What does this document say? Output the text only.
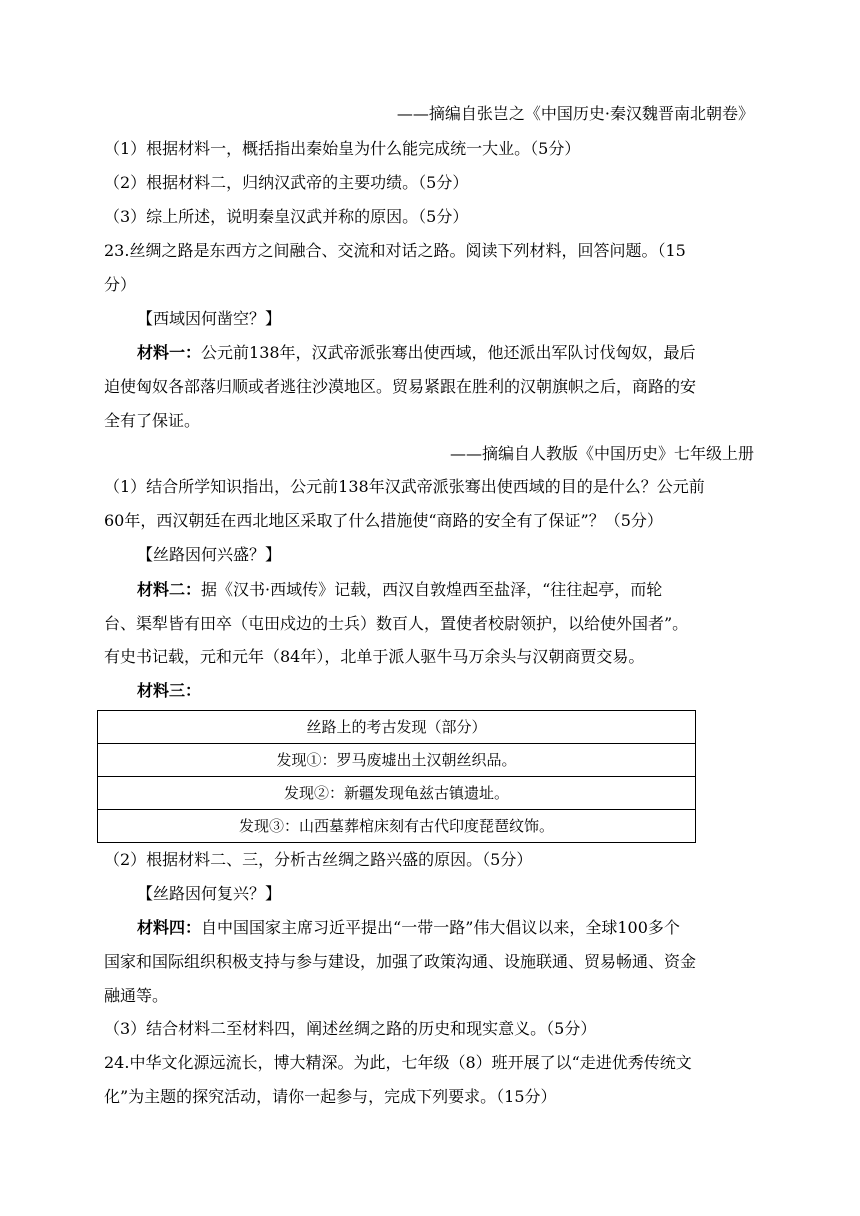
——摘编自张岂之《中国历史·秦汉魏晋南北朝卷》
（1）根据材料一，概括指出秦始皇为什么能完成统一大业。（5分）
（2）根据材料二，归纳汉武帝的主要功绩。（5分）
（3）综上所述，说明秦皇汉武并称的原因。（5分）
23.丝绸之路是东西方之间融合、交流和对话之路。阅读下列材料，回答问题。（15
分）
【西域因何凿空？】
材料一：公元前138年，汉武帝派张骞出使西域，他还派出军队讨伐匈奴，最后
迫使匈奴各部落归顺或者逃往沙漠地区。贸易紧跟在胜利的汉朝旗帜之后，商路的安
全有了保证。
——摘编自人教版《中国历史》七年级上册
（1）结合所学知识指出，公元前138年汉武帝派张骞出使西域的目的是什么？公元前
60年，西汉朝廷在西北地区采取了什么措施使“商路的安全有了保证”？（5分）
【丝路因何兴盛？】
材料二：据《汉书·西域传》记载，西汉自敦煌西至盐泽，“往往起亭，而轮
台、渠犁皆有田卒（屯田戍边的士兵）数百人，置使者校尉领护，以给使外国者”。
有史书记载，元和元年（84年），北单于派人驱牛马万余头与汉朝商贾交易。
材料三：
丝路上的考古发现（部分）
发现①：罗马废墟出土汉朝丝织品。
发现②：新疆发现龟兹古镇遗址。
发现③：山西墓葬棺床刻有古代印度琵琶纹饰。
（2）根据材料二、三，分析古丝绸之路兴盛的原因。（5分）
【丝路因何复兴？】
材料四：自中国国家主席习近平提出“一带一路”伟大倡议以来，全球100多个
国家和国际组织积极支持与参与建设，加强了政策沟通、设施联通、贸易畅通、资金
融通等。
（3）结合材料二至材料四，阐述丝绸之路的历史和现实意义。（5分）
24.中华文化源远流长，博大精深。为此，七年级（8）班开展了以“走进优秀传统文
化”为主题的探究活动，请你一起参与，完成下列要求。（15分）
